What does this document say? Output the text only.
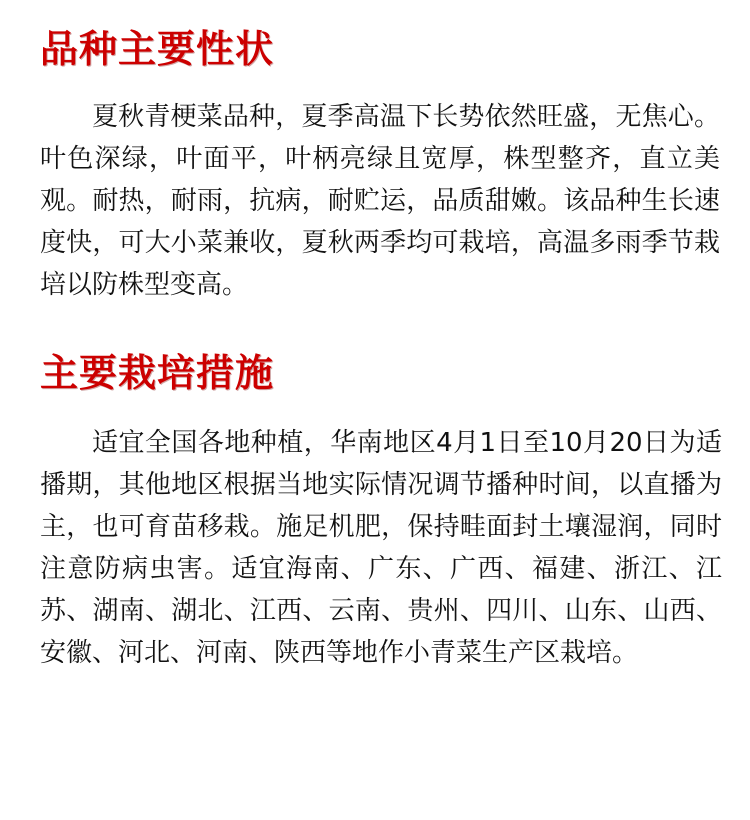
品种主要性状

夏秋青梗菜品种，夏季高温下长势依然旺盛，无焦心。叶色深绿，叶面平，叶柄亮绿且宽厚，株型整齐，直立美观。耐热，耐雨，抗病，耐贮运，品质甜嫩。该品种生长速度快，可大小菜兼收，夏秋两季均可栽培，高温多雨季节栽培以防株型变高。

主要栽培措施

适宜全国各地种植，华南地区4月1日至10月20日为适播期，其他地区根据当地实际情况调节播种时间，以直播为主，也可育苗移栽。施足机肥，保持畦面封土壤湿润，同时注意防病虫害。适宜海南、广东、广西、福建、浙江、江苏、湖南、湖北、江西、云南、贵州、四川、山东、山西、安徽、河北、河南、陕西等地作小青菜生产区栽培。
